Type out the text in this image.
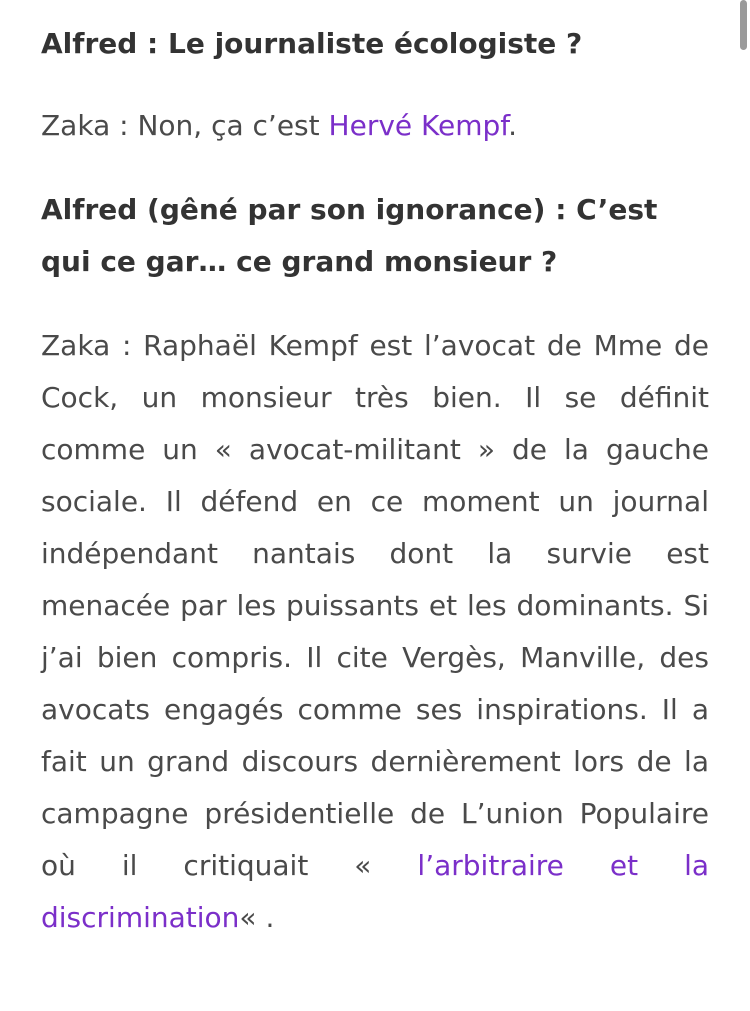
Alfred : Le journaliste écologiste ?

Zaka : Non, ça c’est Hervé Kempf.

Alfred (gêné par son ignorance) : C’est qui ce gar… ce grand monsieur ?

Zaka : Raphaël Kempf est l’avocat de Mme de Cock, un monsieur très bien. Il se définit comme un « avocat-militant » de la gauche sociale. Il défend en ce moment un journal indépendant nantais dont la survie est menacée par les puissants et les dominants. Si j’ai bien compris. Il cite Vergès, Manville, des avocats engagés comme ses inspirations. Il a fait un grand discours dernièrement lors de la campagne présidentielle de L’union Populaire où il critiquait « l’arbitraire et la discrimination« .
